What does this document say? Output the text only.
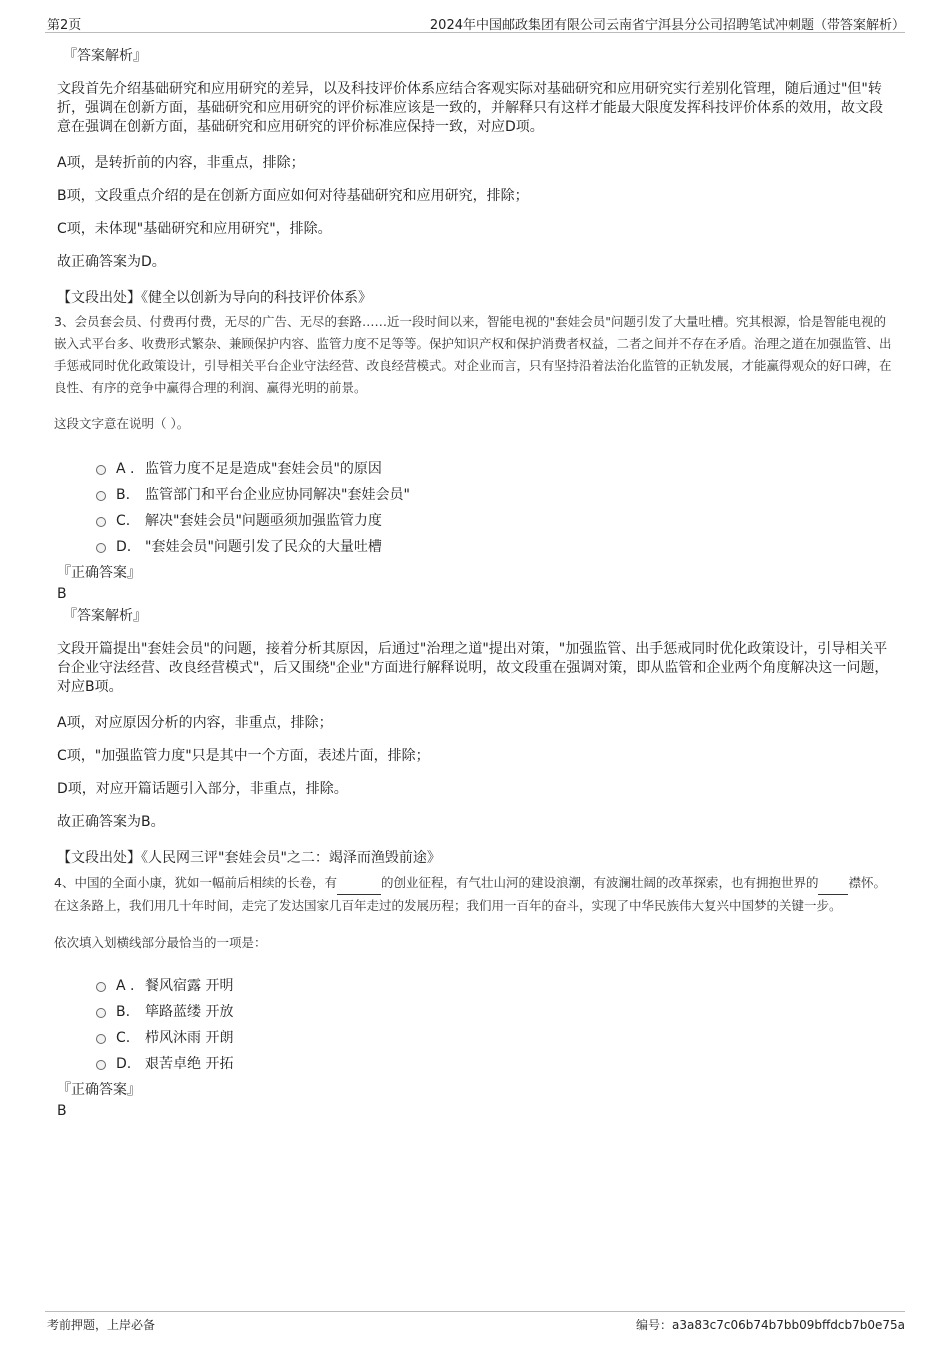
第2页	2024年中国邮政集团有限公司云南省宁洱县分公司招聘笔试冲刺题（带答案解析）
『答案解析』

文段首先介绍基础研究和应用研究的差异，以及科技评价体系应结合客观实际对基础研究和应用研究实行差别化管理，随后通过"但"转折，强调在创新方面，基础研究和应用研究的评价标准应该是一致的，并解释只有这样才能最大限度发挥科技评价体系的效用，故文段意在强调在创新方面，基础研究和应用研究的评价标准应保持一致，对应D项。

A项，是转折前的内容，非重点，排除；

B项，文段重点介绍的是在创新方面应如何对待基础研究和应用研究，排除；

C项，未体现"基础研究和应用研究"，排除。

故正确答案为D。

【文段出处】《健全以创新为导向的科技评价体系》

3、会员套会员、付费再付费，无尽的广告、无尽的套路……近一段时间以来，智能电视的"套娃会员"问题引发了大量吐槽。究其根源，恰是智能电视的嵌入式平台多、收费形式繁杂、兼顾保护内容、监管力度不足等等。保护知识产权和保护消费者权益，二者之间并不存在矛盾。治理之道在加强监管、出手惩戒同时优化政策设计，引导相关平台企业守法经营、改良经营模式。对企业而言，只有坚持沿着法治化监管的正轨发展，才能赢得观众的好口碑，在良性、有序的竞争中赢得合理的利润、赢得光明的前景。

这段文字意在说明（ ）。

A . 监管力度不足是造成"套娃会员"的原因
B. 监管部门和平台企业应协同解决"套娃会员"
C. 解决"套娃会员"问题亟须加强监管力度
D. "套娃会员"问题引发了民众的大量吐槽
『正确答案』
B
『答案解析』

文段开篇提出"套娃会员"的问题，接着分析其原因，后通过"治理之道"提出对策，"加强监管、出手惩戒同时优化政策设计，引导相关平台企业守法经营、改良经营模式"，后又围绕"企业"方面进行解释说明，故文段重在强调对策，即从监管和企业两个角度解决这一问题，对应B项。

A项，对应原因分析的内容，非重点，排除；

C项，"加强监管力度"只是其中一个方面，表述片面，排除；

D项，对应开篇话题引入部分，非重点，排除。

故正确答案为B。

【文段出处】《人民网三评"套娃会员"之二：竭泽而渔毁前途》

4、中国的全面小康，犹如一幅前后相续的长卷，有	的创业征程，有气壮山河的建设浪潮，有波澜壮阔的改革探索，也有拥抱世界的 襟怀。在这条路上，我们用几十年时间，走完了发达国家几百年走过的发展历程；我们用一百年的奋斗，实现了中华民族伟大复兴中国梦的关键一步。

依次填入划横线部分最恰当的一项是：

A . 餐风宿露 开明
B. 筚路蓝缕 开放
C. 栉风沐雨 开朗
D. 艰苦卓绝 开拓
『正确答案』
B
考前押题，上岸必备	编号：a3a83c7c06b74b7bb09bffdcb7b0e75a
